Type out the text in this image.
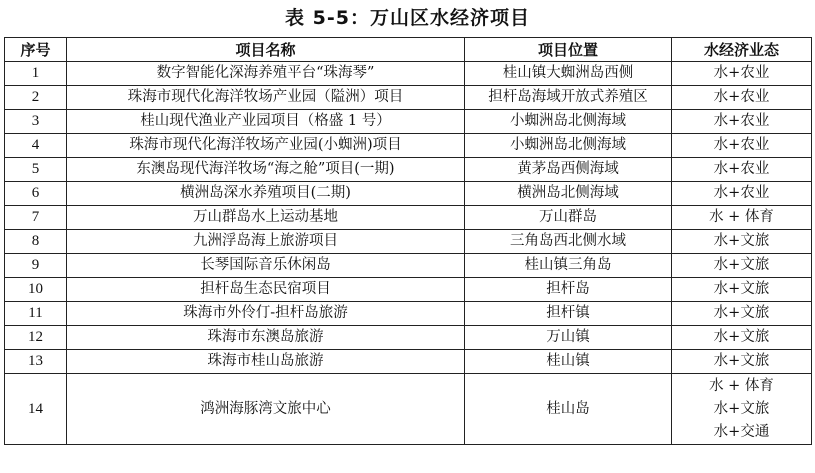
表 5-5：万山区水经济项目
序号	项目名称	项目位置	水经济业态
1	数字智能化深海养殖平台“珠海琴”	桂山镇大蜘洲岛西侧	水+农业

2	珠海市现代化海洋牧场产业园（隘洲）项目	担杆岛海域开放式养殖区	水+农业

3	桂山现代渔业产业园项目（格盛 1 号）	小蜘洲岛北侧海域	水+农业

4	珠海市现代化海洋牧场产业园(小蜘洲)项目	小蜘洲岛北侧海域	水+农业

5	东澳岛现代海洋牧场“海之舱”项目(一期)	黄茅岛西侧海域	水+农业

6	横洲岛深水养殖项目(二期)	横洲岛北侧海域	水+农业

7	万山群岛水上运动基地	万山群岛	水 + 体育

8	九洲浮岛海上旅游项目	三角岛西北侧水域	水+文旅

9	长琴国际音乐休闲岛	桂山镇三角岛	水+文旅

10	担杆岛生态民宿项目	担杆岛	水+文旅

11	珠海市外伶仃-担杆岛旅游	担杆镇	水+文旅

12	珠海市东澳岛旅游	万山镇	水+文旅

13	珠海市桂山岛旅游	桂山镇	水+文旅

14	鸿洲海豚湾文旅中心	桂山岛	水 + 体育
水+文旅
水+交通
